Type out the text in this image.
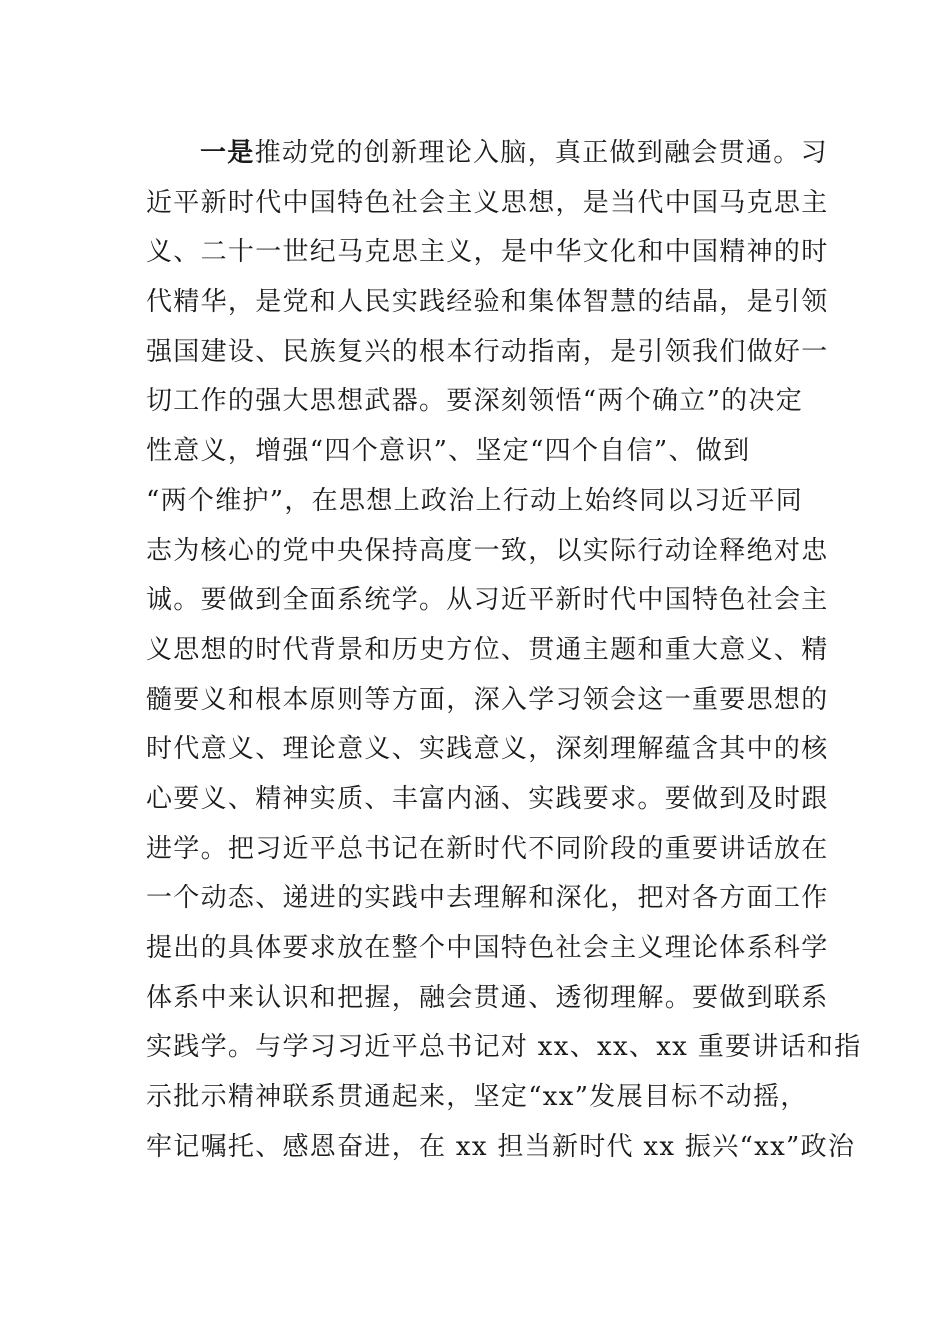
一是推动党的创新理论入脑，真正做到融会贯通。习
近平新时代中国特色社会主义思想，是当代中国马克思主
义、二十一世纪马克思主义，是中华文化和中国精神的时
代精华，是党和人民实践经验和集体智慧的结晶，是引领
强国建设、民族复兴的根本行动指南，是引领我们做好一
切工作的强大思想武器。要深刻领悟“两个确立”的决定
性意义，增强“四个意识”、坚定“四个自信”、做到
“两个维护”，在思想上政治上行动上始终同以习近平同
志为核心的党中央保持高度一致，以实际行动诠释绝对忠
诚。要做到全面系统学。从习近平新时代中国特色社会主
义思想的时代背景和历史方位、贯通主题和重大意义、精
髓要义和根本原则等方面，深入学习领会这一重要思想的
时代意义、理论意义、实践意义，深刻理解蕴含其中的核
心要义、精神实质、丰富内涵、实践要求。要做到及时跟
进学。把习近平总书记在新时代不同阶段的重要讲话放在
一个动态、递进的实践中去理解和深化，把对各方面工作
提出的具体要求放在整个中国特色社会主义理论体系科学
体系中来认识和把握，融会贯通、透彻理解。要做到联系
实践学。与学习习近平总书记对 xx、xx、xx 重要讲话和指
示批示精神联系贯通起来，坚定“xx”发展目标不动摇，
牢记嘱托、感恩奋进，在 xx 担当新时代 xx 振兴“xx”政治
